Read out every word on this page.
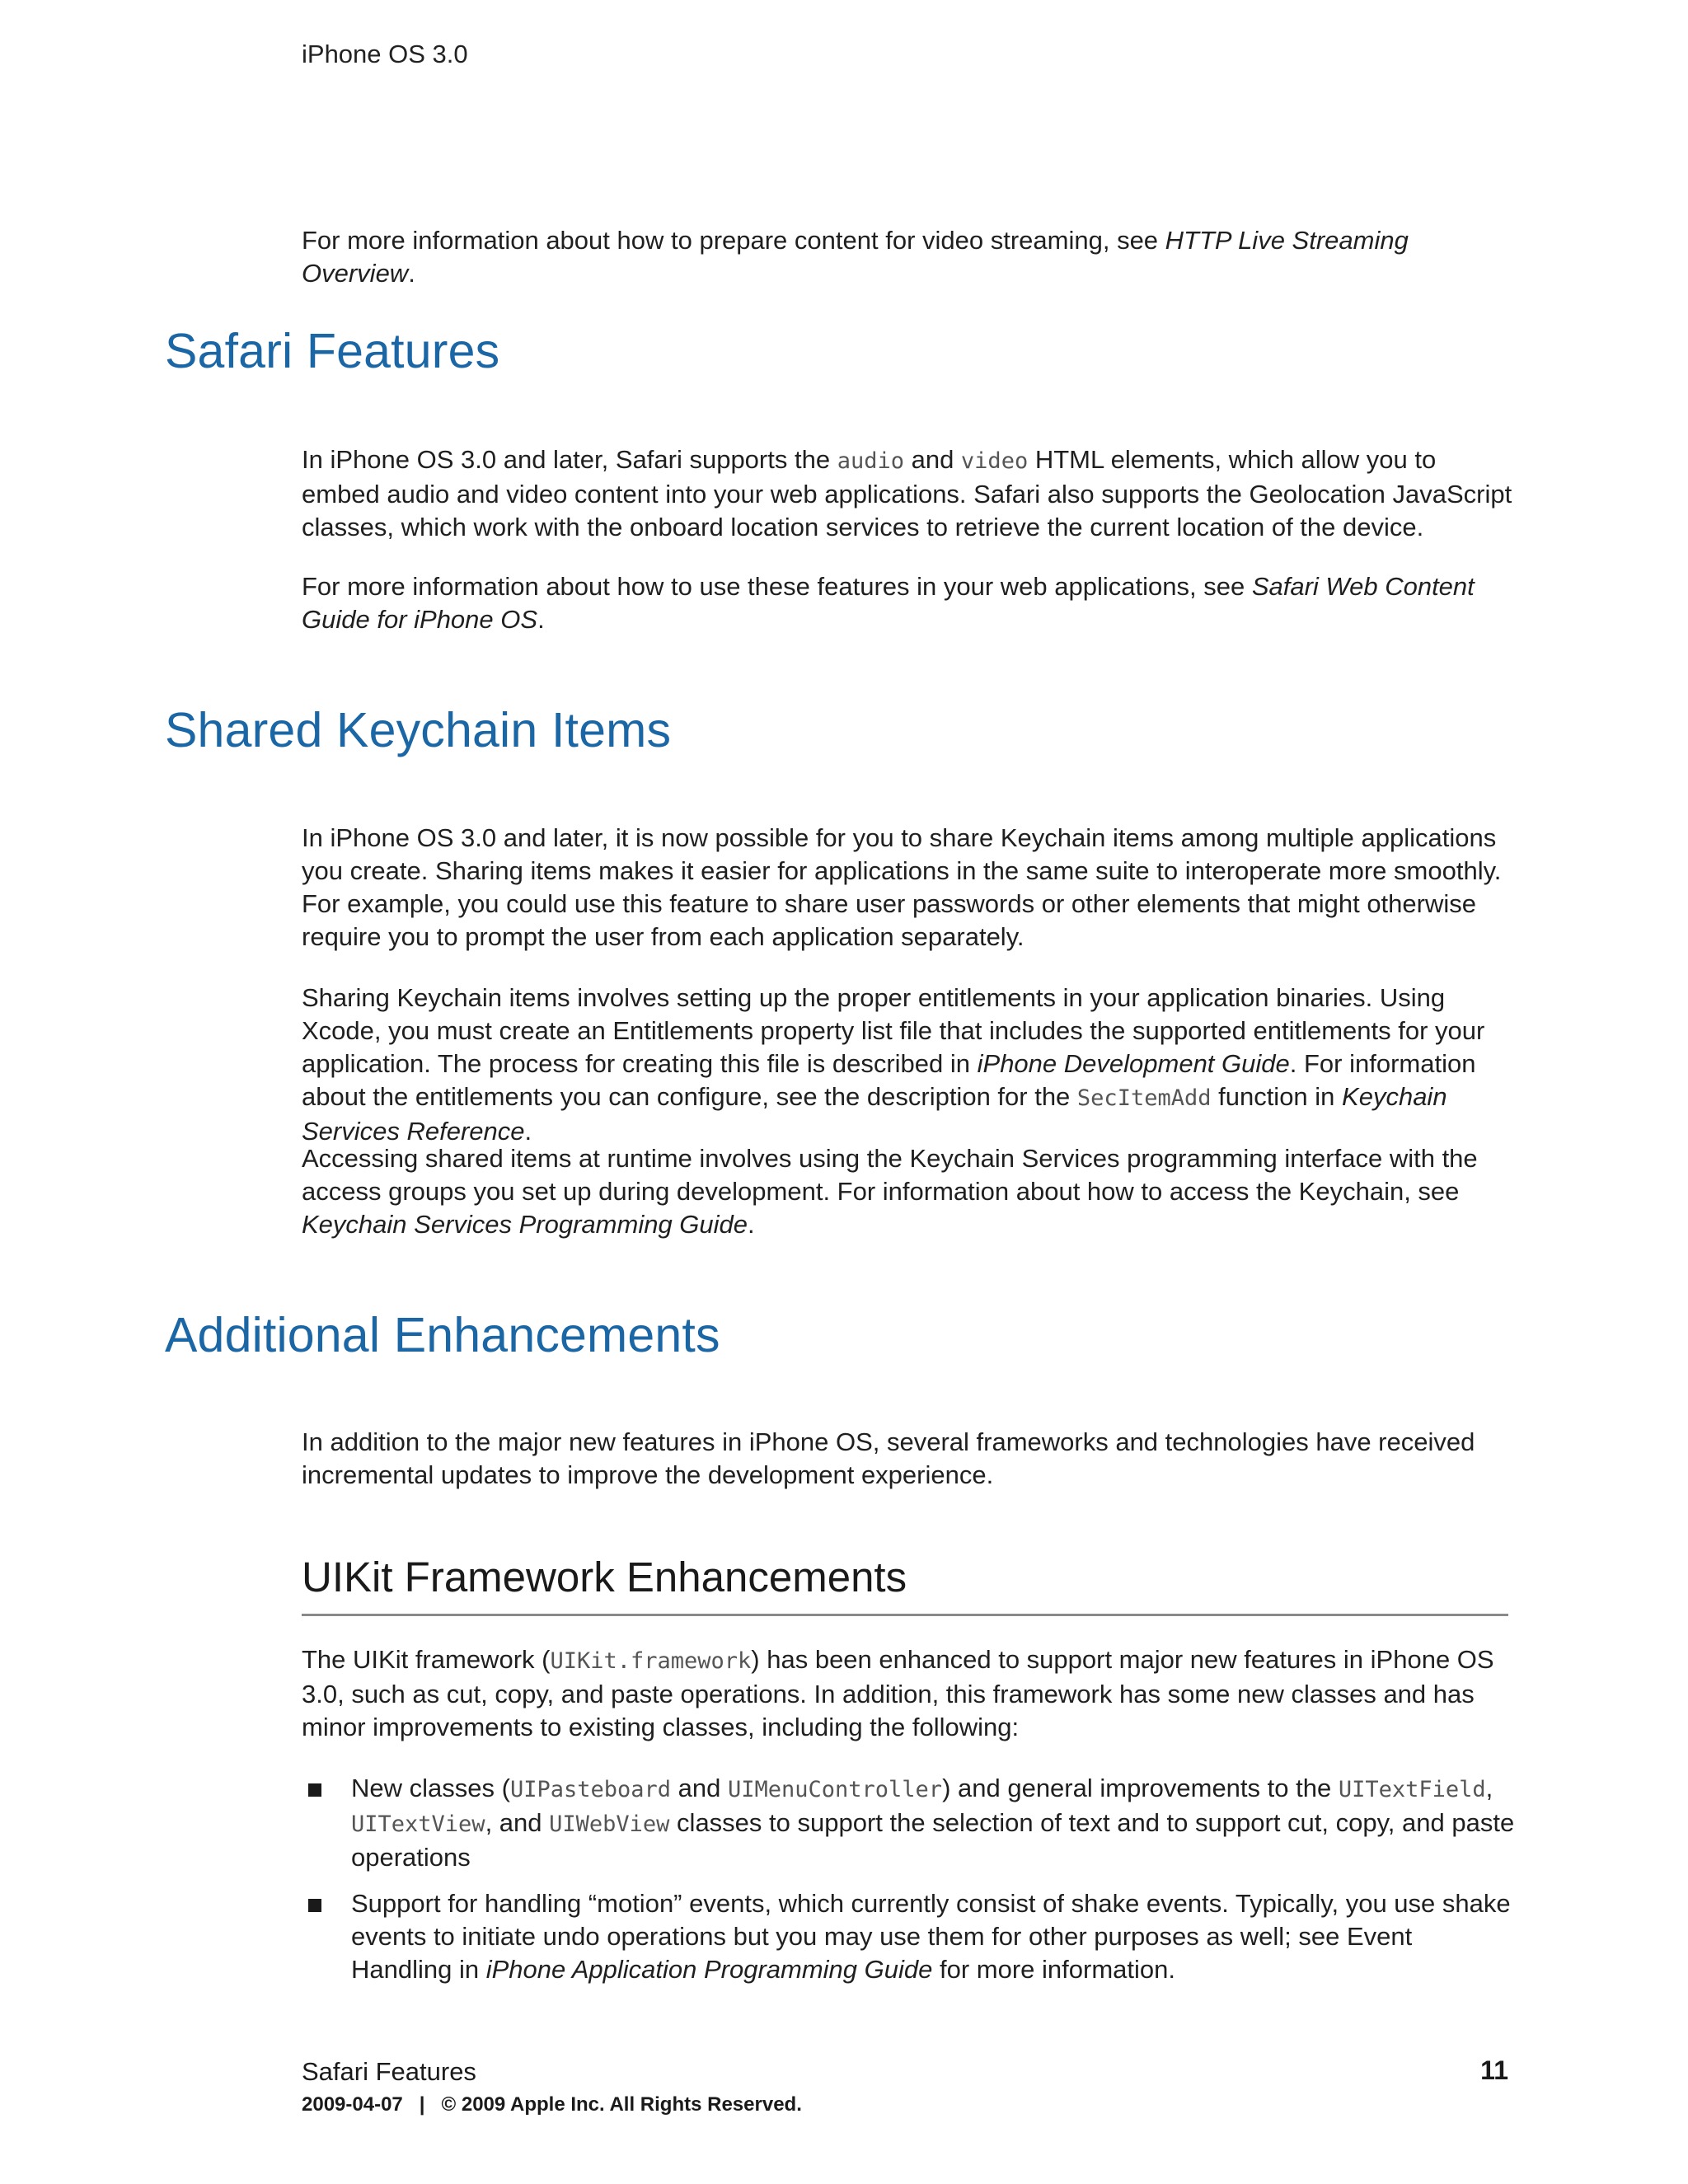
iPhone OS 3.0

For more information about how to prepare content for video streaming, see HTTP Live Streaming Overview.

Safari Features

In iPhone OS 3.0 and later, Safari supports the audio and video HTML elements, which allow you to embed audio and video content into your web applications. Safari also supports the Geolocation JavaScript classes, which work with the onboard location services to retrieve the current location of the device.

For more information about how to use these features in your web applications, see Safari Web Content Guide for iPhone OS.

Shared Keychain Items

In iPhone OS 3.0 and later, it is now possible for you to share Keychain items among multiple applications you create. Sharing items makes it easier for applications in the same suite to interoperate more smoothly. For example, you could use this feature to share user passwords or other elements that might otherwise require you to prompt the user from each application separately.

Sharing Keychain items involves setting up the proper entitlements in your application binaries. Using Xcode, you must create an Entitlements property list file that includes the supported entitlements for your application. The process for creating this file is described in iPhone Development Guide. For information about the entitlements you can configure, see the description for the SecItemAdd function in Keychain Services Reference.

Accessing shared items at runtime involves using the Keychain Services programming interface with the access groups you set up during development. For information about how to access the Keychain, see Keychain Services Programming Guide.

Additional Enhancements

In addition to the major new features in iPhone OS, several frameworks and technologies have received incremental updates to improve the development experience.

UIKit Framework Enhancements

The UIKit framework (UIKit.framework) has been enhanced to support major new features in iPhone OS 3.0, such as cut, copy, and paste operations. In addition, this framework has some new classes and has minor improvements to existing classes, including the following:

New classes (UIPasteboard and UIMenuController) and general improvements to the UITextField, UITextView, and UIWebView classes to support the selection of text and to support cut, copy, and paste operations

Support for handling “motion” events, which currently consist of shake events. Typically, you use shake events to initiate undo operations but you may use them for other purposes as well; see Event Handling in iPhone Application Programming Guide for more information.

Safari Features	11
2009-04-07   |   © 2009 Apple Inc. All Rights Reserved.
